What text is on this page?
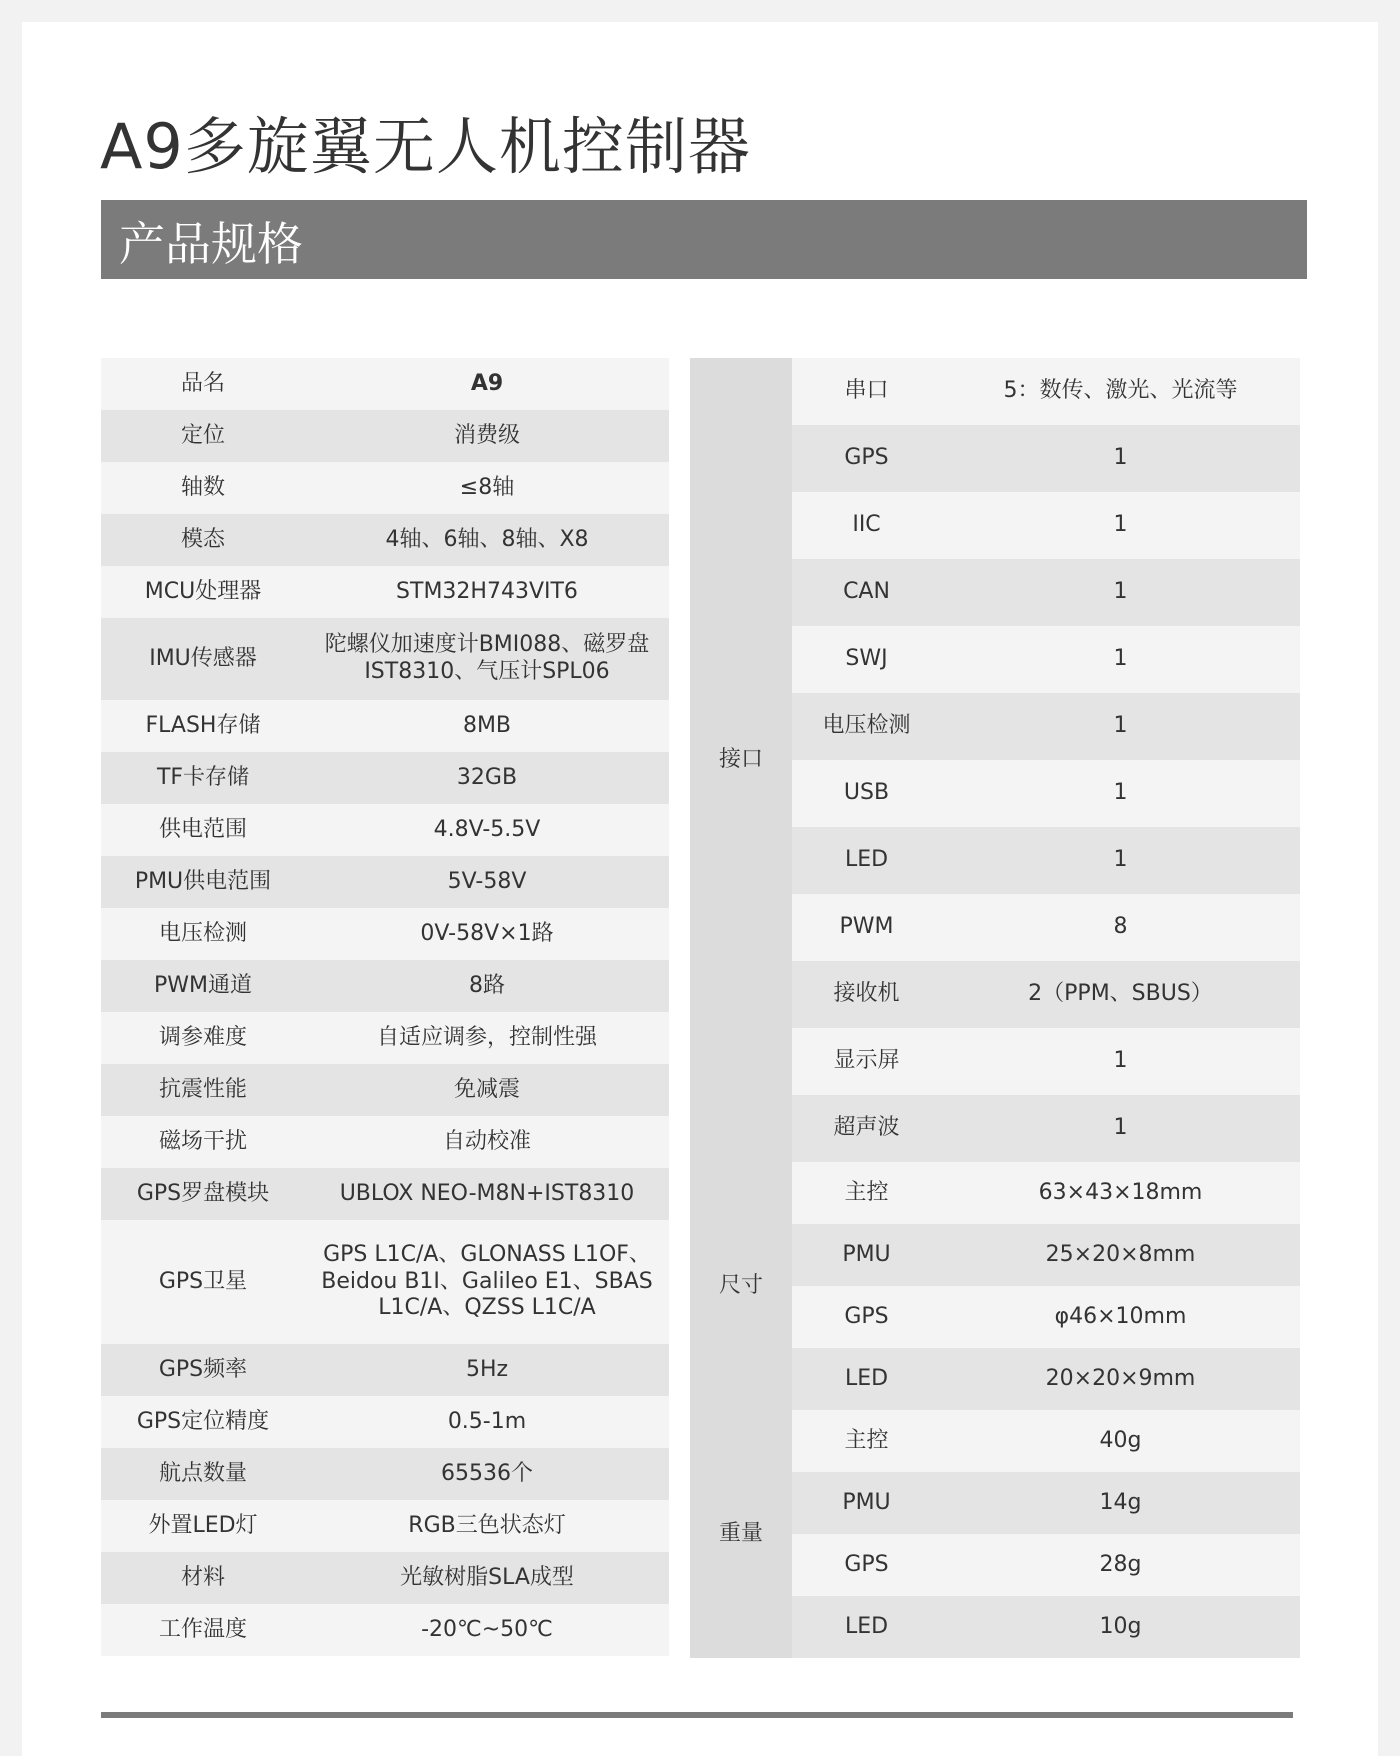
A9多旋翼无人机控制器
产品规格
品名	A9
定位	消费级
轴数	≤8轴
模态	4轴、6轴、8轴、X8
MCU处理器	STM32H743VIT6
IMU传感器	陀螺仪加速度计BMI088、磁罗盘IST8310、气压计SPL06
FLASH存储	8MB
TF卡存储	32GB
供电范围	4.8V-5.5V
PMU供电范围	5V-58V
电压检测	0V-58V×1路
PWM通道	8路
调参难度	自适应调参，控制性强
抗震性能	免减震
磁场干扰	自动校准
GPS罗盘模块	UBLOX NEO-M8N+IST8310
GPS卫星	GPS L1C/A、GLONASS L1OF、Beidou B1I、Galileo E1、SBAS L1C/A、QZSS L1C/A
GPS频率	5Hz
GPS定位精度	0.5-1m
航点数量	65536个
外置LED灯	RGB三色状态灯
材料	光敏树脂SLA成型
工作温度	-20℃~50℃
接口	串口	5：数传、激光、光流等
	GPS	1
	IIC	1
	CAN	1
	SWJ	1
	电压检测	1
	USB	1
	LED	1
	PWM	8
	接收机	2（PPM、SBUS）
	显示屏	1
	超声波	1
尺寸	主控	63×43×18mm
	PMU	25×20×8mm
	GPS	φ46×10mm
	LED	20×20×9mm
重量	主控	40g
	PMU	14g
	GPS	28g
	LED	10g
